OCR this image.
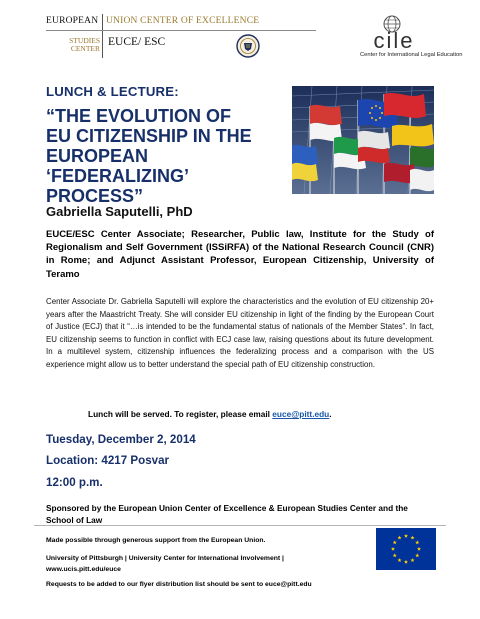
EUROPEAN UNION CENTER OF EXCELLENCE
STUDIES
CENTER
EUCE/ ESC	cile
Center for International Legal Education
LUNCH & LECTURE:
“THE EVOLUTION OF
EU CITIZENSHIP IN THE
EUROPEAN ‘FEDERALIZING’
PROCESS”
Gabriella Saputelli, PhD
EUCE/ESC Center Associate; Researcher, Public law, Institute for the Study of Regionalism and Self Government (ISSiRFA) of the National Research Council (CNR) in Rome; and Adjunct Assistant Professor, European Citizenship, University of Teramo
Center Associate Dr. Gabriella Saputelli will explore the characteristics and the evolution of EU citizenship 20+ years after the Maastricht Treaty. She will consider EU citizenship in light of the finding by the European Court of Justice (ECJ) that it “…is intended to be the fundamental status of nationals of the Member States”. In fact, EU citizenship seems to function in conflict with ECJ case law, raising questions about its future development. In a multilevel system, citizenship influences the federalizing process and a comparison with the US experience might allow us to better understand the special path of EU citizenship construction.
Lunch will be served. To register, please email euce@pitt.edu.
Tuesday, December 2, 2014
Location: 4217 Posvar
12:00 p.m.
Sponsored by the European Union Center of Excellence & European Studies Center and the School of Law
Made possible through generous support from the European Union.
University of Pittsburgh | University Center for International Involvement |
www.ucis.pitt.edu/euce
Requests to be added to our flyer distribution list should be sent to euce@pitt.edu
